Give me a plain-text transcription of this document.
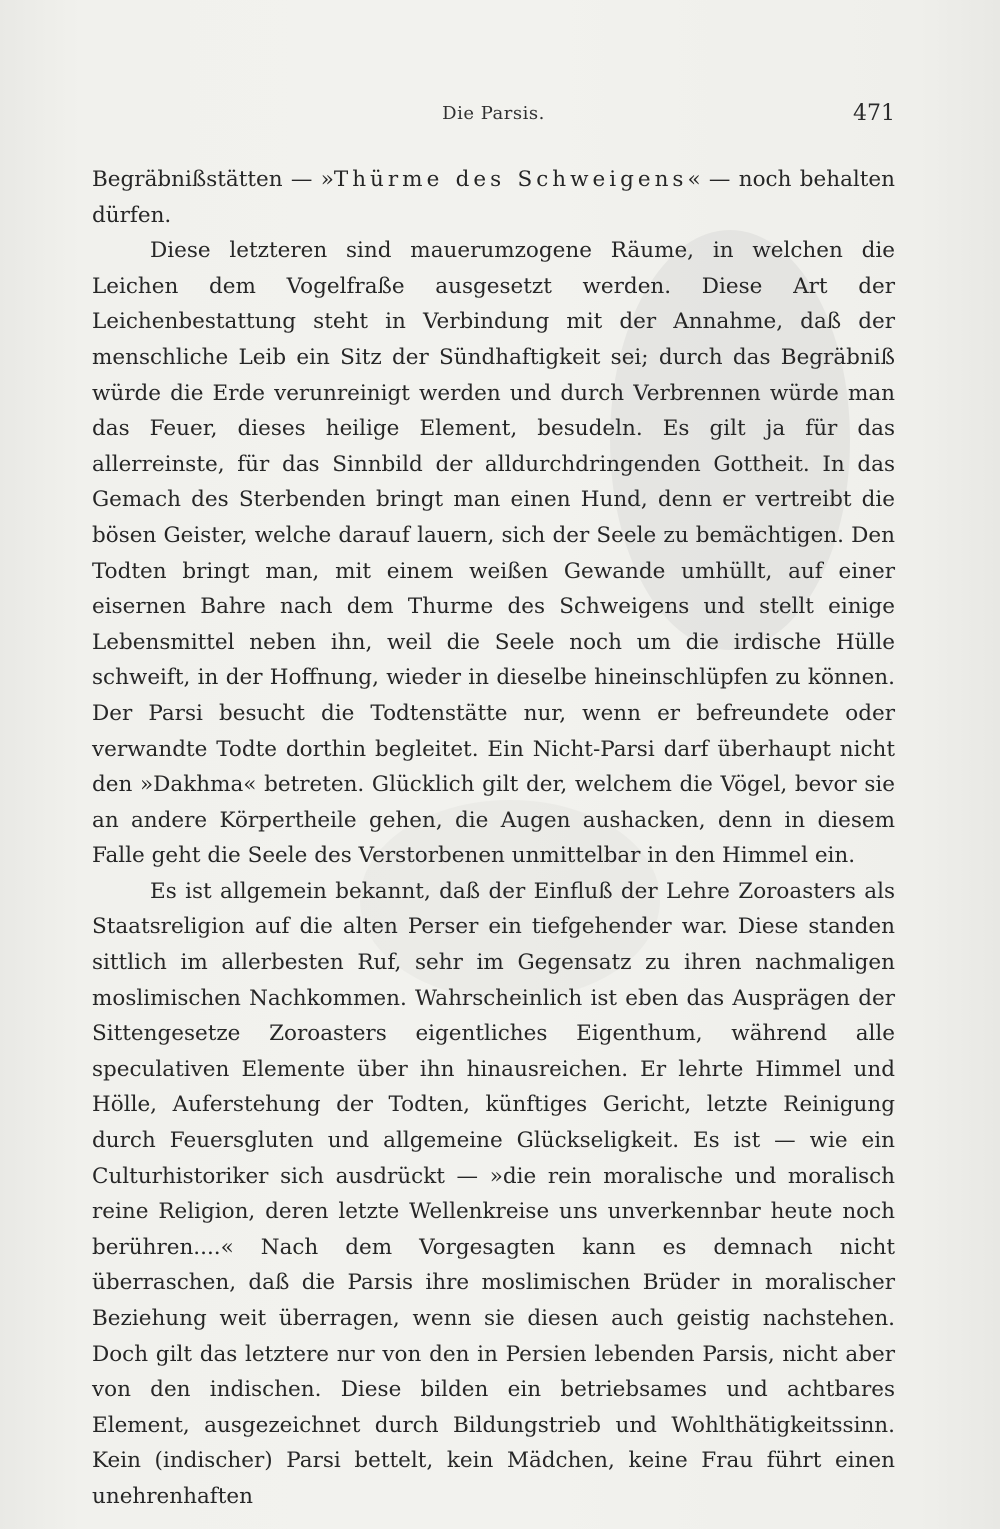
Die Parsis.	471

Begräbnißstätten — »Thürme des Schweigens« — noch behalten dürfen.

Diese letzteren sind mauerumzogene Räume, in welchen die Leichen dem Vogelfraße ausgesetzt werden. Diese Art der Leichenbestattung steht in Verbindung mit der Annahme, daß der menschliche Leib ein Sitz der Sündhaftigkeit sei; durch das Begräbniß würde die Erde verunreinigt werden und durch Verbrennen würde man das Feuer, dieses heilige Element, besudeln. Es gilt ja für das allerreinste, für das Sinnbild der alldurchdringenden Gottheit. In das Gemach des Sterbenden bringt man einen Hund, denn er vertreibt die bösen Geister, welche darauf lauern, sich der Seele zu bemächtigen. Den Todten bringt man, mit einem weißen Gewande umhüllt, auf einer eisernen Bahre nach dem Thurme des Schweigens und stellt einige Lebensmittel neben ihn, weil die Seele noch um die irdische Hülle schweift, in der Hoffnung, wieder in dieselbe hineinschlüpfen zu können. Der Parsi besucht die Todtenstätte nur, wenn er befreundete oder verwandte Todte dorthin begleitet. Ein Nicht-Parsi darf überhaupt nicht den »Dakhma« betreten. Glücklich gilt der, welchem die Vögel, bevor sie an andere Körpertheile gehen, die Augen aushacken, denn in diesem Falle geht die Seele des Verstorbenen unmittelbar in den Himmel ein.

Es ist allgemein bekannt, daß der Einfluß der Lehre Zoroasters als Staatsreligion auf die alten Perser ein tiefgehender war. Diese standen sittlich im allerbesten Ruf, sehr im Gegensatz zu ihren nachmaligen moslimischen Nachkommen. Wahrscheinlich ist eben das Ausprägen der Sittengesetze Zoroasters eigentliches Eigenthum, während alle speculativen Elemente über ihn hinausreichen. Er lehrte Himmel und Hölle, Auferstehung der Todten, künftiges Gericht, letzte Reinigung durch Feuersgluten und allgemeine Glückseligkeit. Es ist — wie ein Culturhistoriker sich ausdrückt — »die rein moralische und moralisch reine Religion, deren letzte Wellenkreise uns unverkennbar heute noch berühren....« Nach dem Vorgesagten kann es demnach nicht überraschen, daß die Parsis ihre moslimischen Brüder in moralischer Beziehung weit überragen, wenn sie diesen auch geistig nachstehen. Doch gilt das letztere nur von den in Persien lebenden Parsis, nicht aber von den indischen. Diese bilden ein betriebsames und achtbares Element, ausgezeichnet durch Bildungstrieb und Wohlthätigkeitssinn. Kein (indischer) Parsi bettelt, kein Mädchen, keine Frau führt einen unehrenhaften
